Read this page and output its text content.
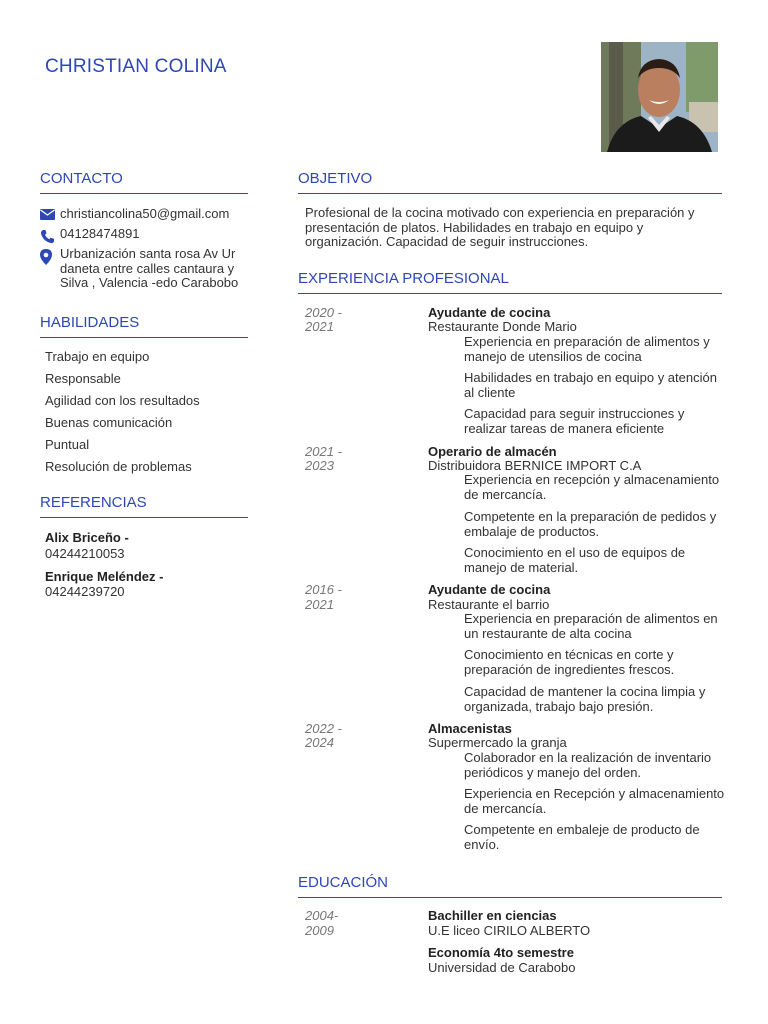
CHRISTIAN COLINA
CONTACTO
christiancolina50@gmail.com
04128474891
Urbanización santa rosa Av Ur daneta entre calles cantaura y Silva , Valencia -edo Carabobo
HABILIDADES
Trabajo en equipo
Responsable
Agilidad con los resultados
Buenas comunicación
Puntual
Resolución de problemas
REFERENCIAS
Alix Briceño -
04244210053
Enrique Meléndez -
04244239720
OBJETIVO

Profesional de la cocina motivado con experiencia en preparación y presentación de platos. Habilidades en trabajo en equipo y organización. Capacidad de seguir instrucciones.

EXPERIENCIA PROFESIONAL
2020 -
2021
Ayudante de cocina
Restaurante Donde Mario
Experiencia en preparación de alimentos y manejo de utensilios de cocina
Habilidades en trabajo en equipo y atención al cliente
Capacidad para seguir instrucciones y realizar tareas de manera eficiente
2021 -
2023
Operario de almacén
Distribuidora BERNICE IMPORT C.A
Experiencia en recepción y almacenamiento de mercancía.
Competente en la preparación de pedidos y embalaje de productos.
Conocimiento en el uso de equipos de manejo de material.
2016 -
2021
Ayudante de cocina
Restaurante el barrio
Experiencia en preparación de alimentos en un restaurante de alta cocina
Conocimiento en técnicas en corte y preparación de ingredientes frescos.
Capacidad de mantener la cocina limpia y organizada, trabajo bajo presión.
2022 -
2024
Almacenistas
Supermercado la granja
Colaborador en la realización de inventario periódicos y manejo del orden.
Experiencia en Recepción y almacenamiento de mercancía.
Competente en embaleje de producto de envío.
EDUCACIÓN
2004-
2009
Bachiller en ciencias
U.E liceo CIRILO ALBERTO
Economía 4to semestre
Universidad de Carabobo
